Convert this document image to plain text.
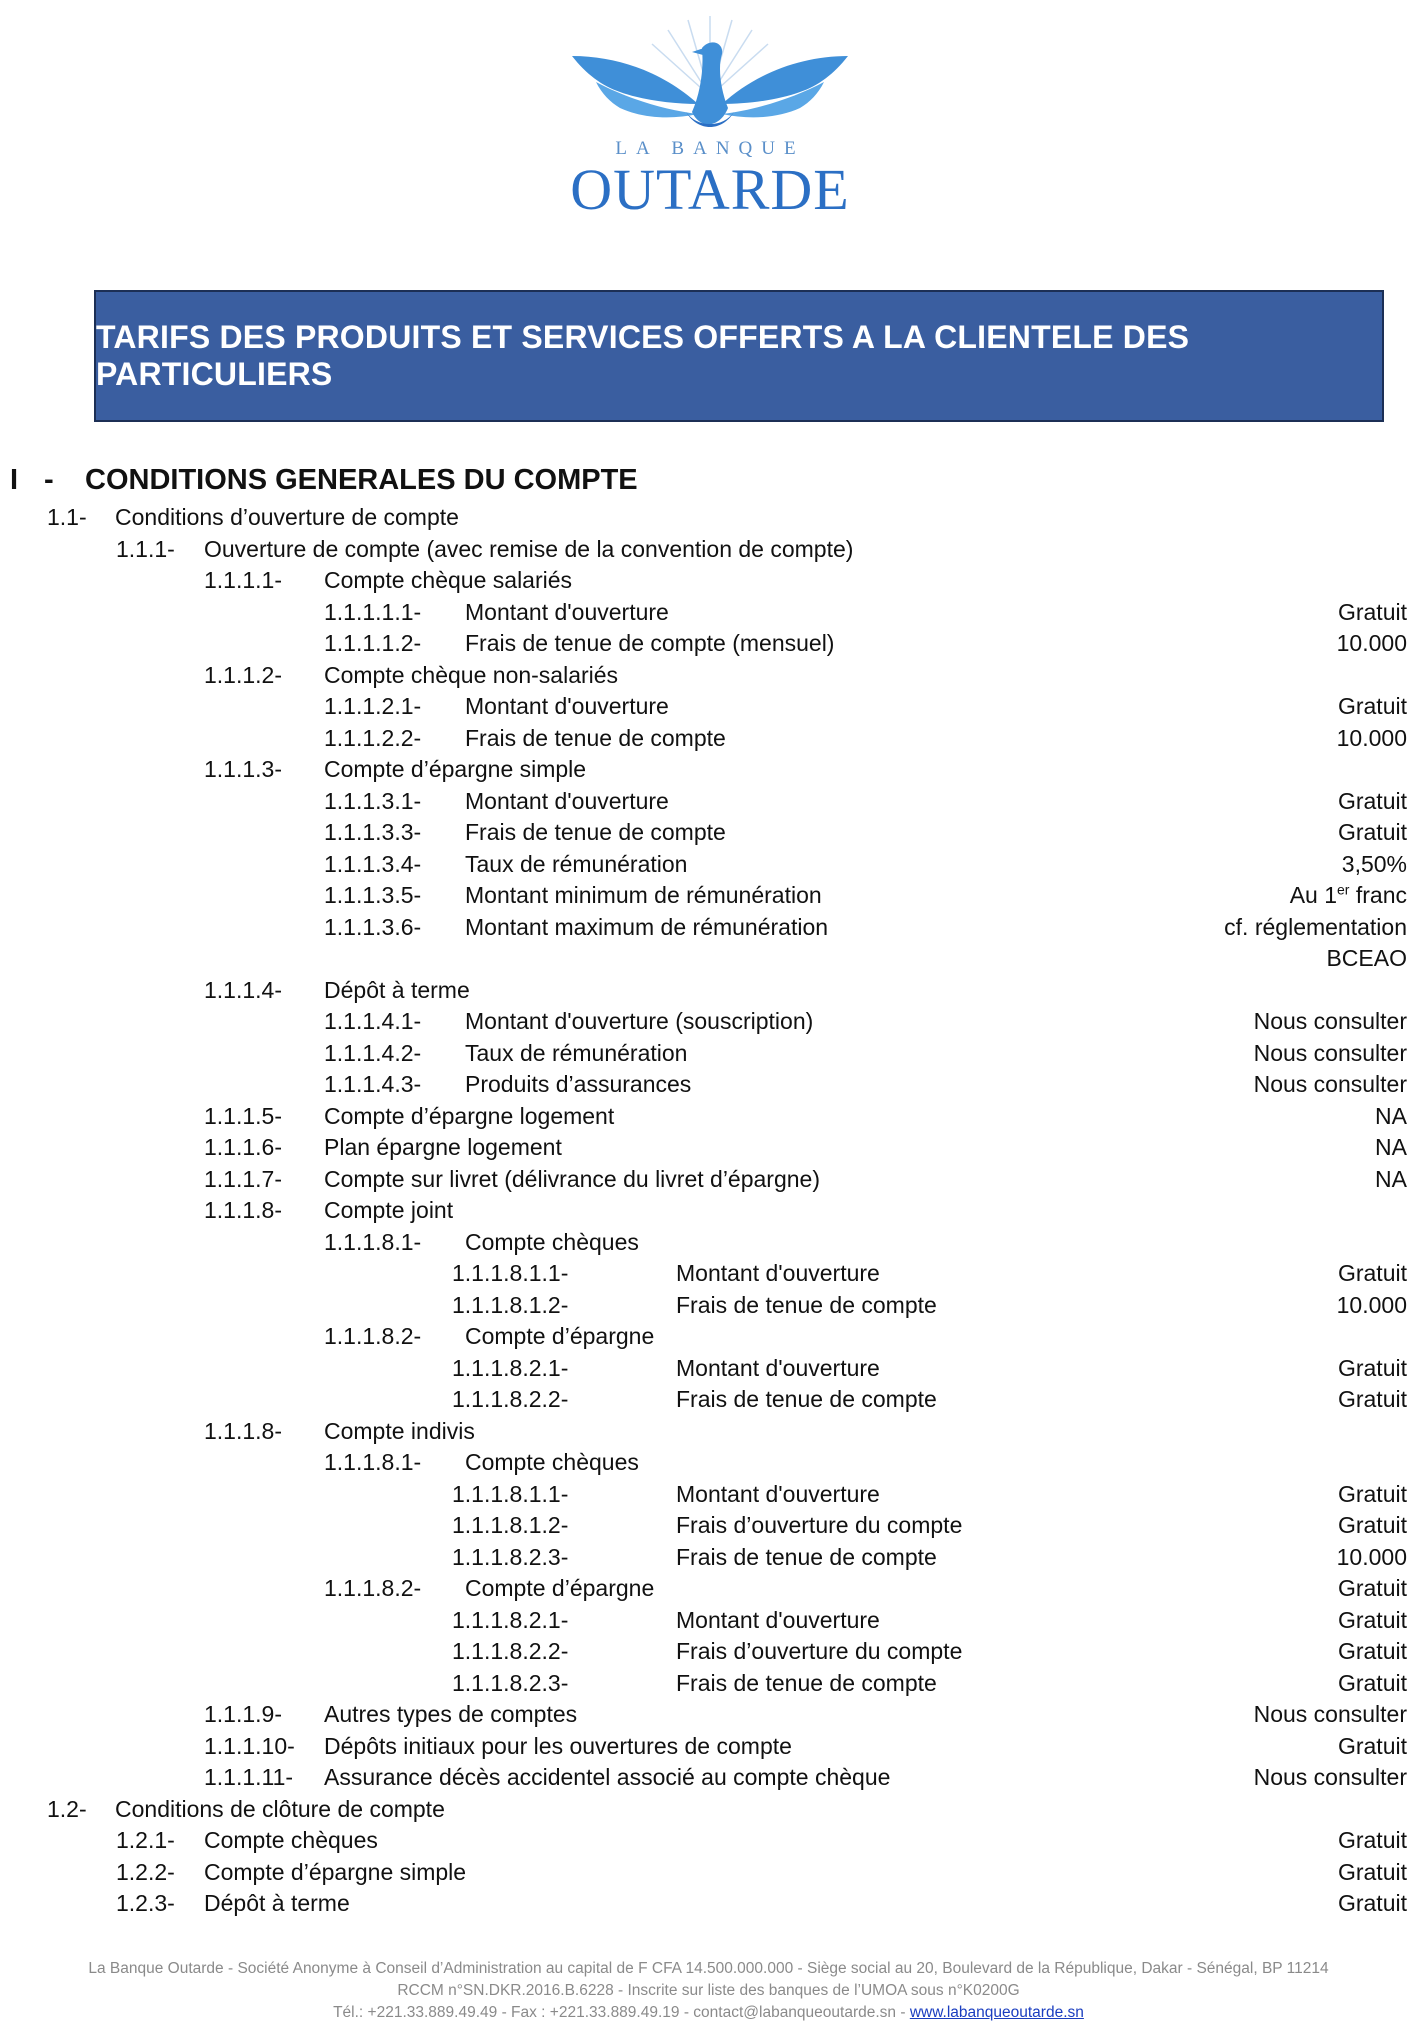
LA BANQUE
OUTARDE
TARIFS DES PRODUITS ET SERVICES OFFERTS A LA CLIENTELE DES PARTICULIERS
I - CONDITIONS GENERALES DU COMPTE
1.1- Conditions d’ouverture de compte
1.1.1- Ouverture de compte (avec remise de la convention de compte)
1.1.1.1- Compte chèque salariés
1.1.1.1.1- Montant d'ouverture	Gratuit
1.1.1.1.2- Frais de tenue de compte (mensuel)	10.000
1.1.1.2- Compte chèque non-salariés
1.1.1.2.1- Montant d'ouverture	Gratuit
1.1.1.2.2- Frais de tenue de compte	10.000
1.1.1.3- Compte d’épargne simple
1.1.1.3.1- Montant d'ouverture	Gratuit
1.1.1.3.3- Frais de tenue de compte	Gratuit
1.1.1.3.4- Taux de rémunération	3,50%
1.1.1.3.5- Montant minimum de rémunération	Au 1er franc
1.1.1.3.6- Montant maximum de rémunération	cf. réglementation
BCEAO
1.1.1.4- Dépôt à terme
1.1.1.4.1- Montant d'ouverture (souscription)	Nous consulter
1.1.1.4.2- Taux de rémunération	Nous consulter
1.1.1.4.3- Produits d’assurances	Nous consulter
1.1.1.5- Compte d’épargne logement	NA
1.1.1.6- Plan épargne logement	NA
1.1.1.7- Compte sur livret (délivrance du livret d’épargne)	NA
1.1.1.8- Compte joint
1.1.1.8.1- Compte chèques
1.1.1.8.1.1-	Montant d'ouverture	Gratuit
1.1.1.8.1.2-	Frais de tenue de compte	10.000
1.1.1.8.2- Compte d’épargne
1.1.1.8.2.1-	Montant d'ouverture	Gratuit
1.1.1.8.2.2-	Frais de tenue de compte	Gratuit
1.1.1.8- Compte indivis
1.1.1.8.1- Compte chèques
1.1.1.8.1.1-	Montant d'ouverture	Gratuit
1.1.1.8.1.2-	Frais d’ouverture du compte	Gratuit
1.1.1.8.2.3-	Frais de tenue de compte	10.000
1.1.1.8.2- Compte d’épargne	Gratuit
1.1.1.8.2.1-	Montant d'ouverture	Gratuit
1.1.1.8.2.2-	Frais d’ouverture du compte	Gratuit
1.1.1.8.2.3-	Frais de tenue de compte	Gratuit
1.1.1.9- Autres types de comptes	Nous consulter
1.1.1.10- Dépôts initiaux pour les ouvertures de compte	Gratuit
1.1.1.11- Assurance décès accidentel associé au compte chèque	Nous consulter
1.2- Conditions de clôture de compte
1.2.1- Compte chèques	Gratuit
1.2.2- Compte d’épargne simple	Gratuit
1.2.3- Dépôt à terme	Gratuit
La Banque Outarde - Société Anonyme à Conseil d’Administration au capital de F CFA 14.500.000.000 - Siège social au 20, Boulevard de la République, Dakar - Sénégal, BP 11214
RCCM n°SN.DKR.2016.B.6228 - Inscrite sur liste des banques de l’UMOA sous n°K0200G
Tél.: +221.33.889.49.49 - Fax : +221.33.889.49.19 - contact@labanqueoutarde.sn - www.labanqueoutarde.sn
